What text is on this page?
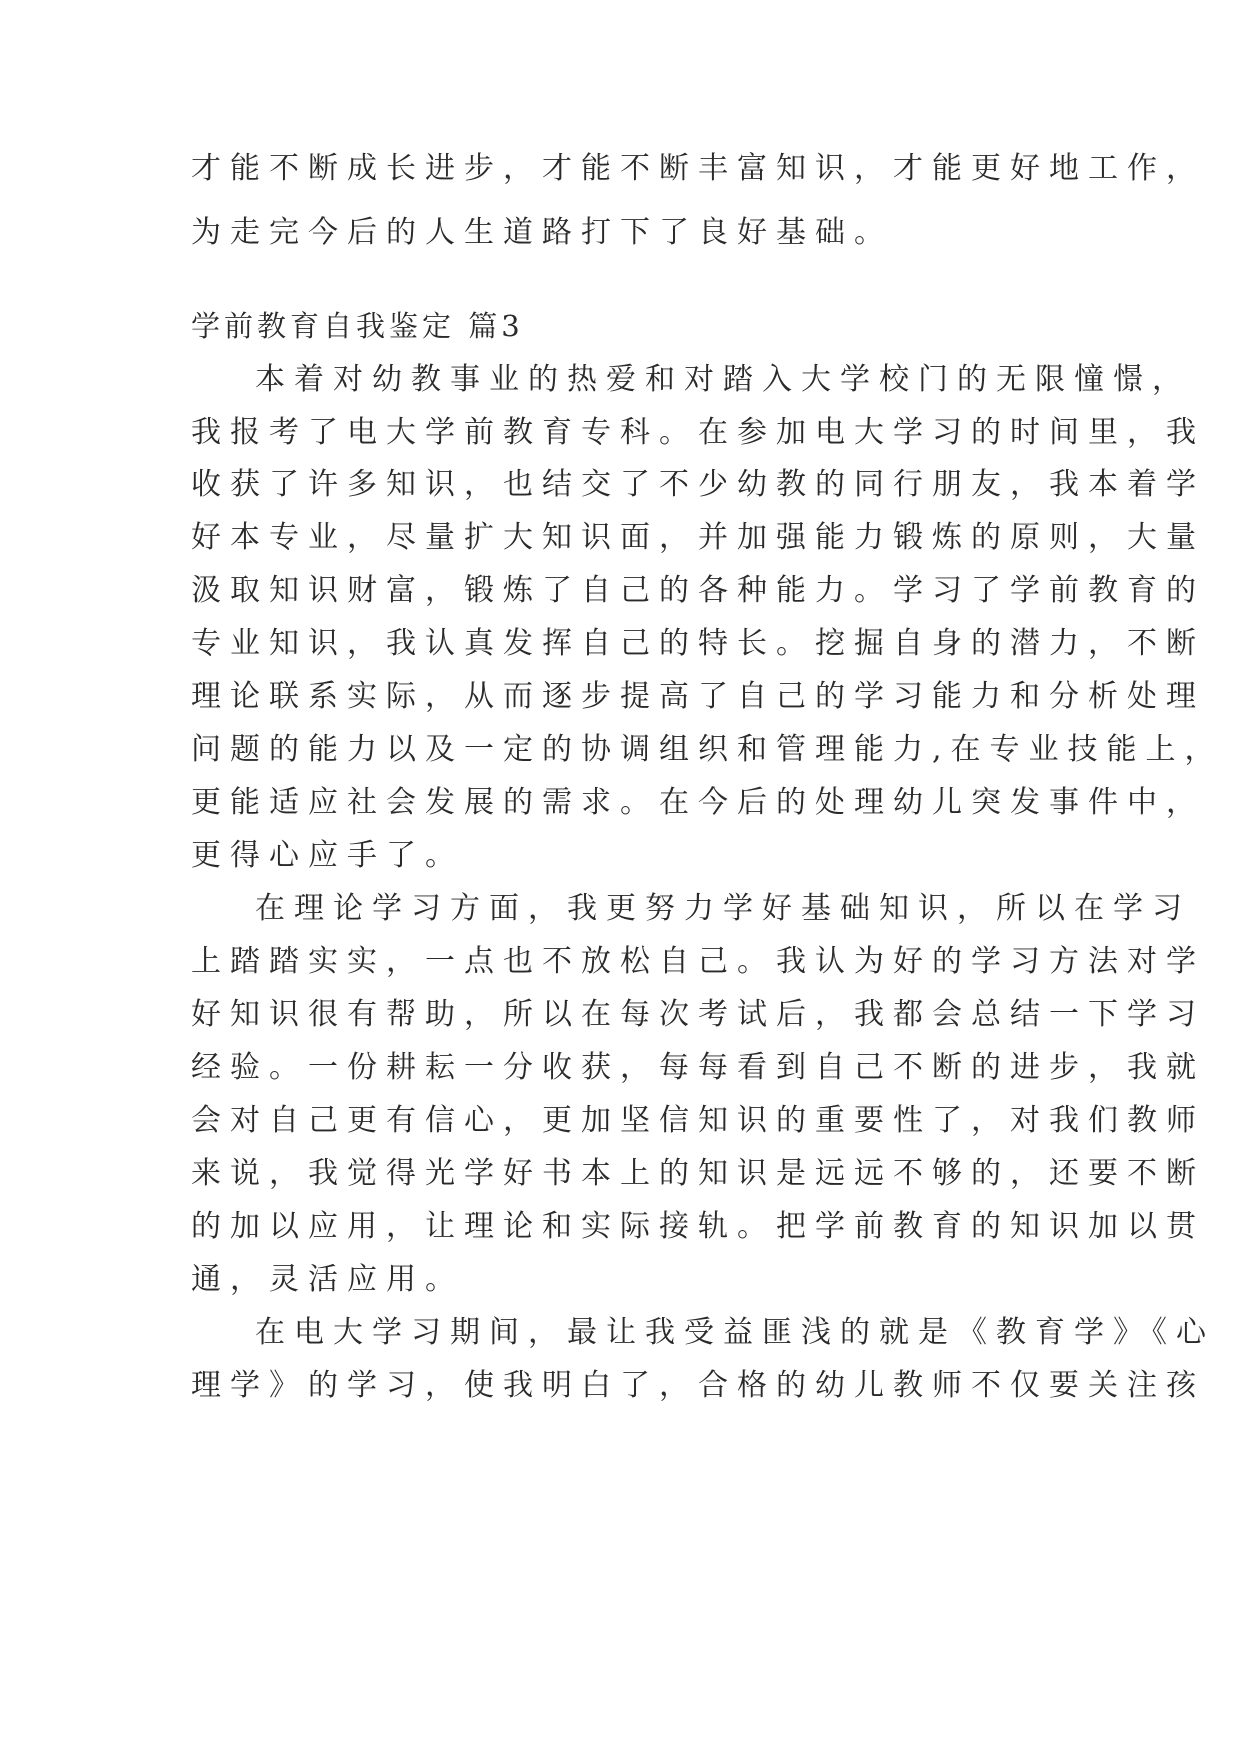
才能不断成长进步，才能不断丰富知识，才能更好地工作，
为走完今后的人生道路打下了良好基础。
学前教育自我鉴定 篇3
本着对幼教事业的热爱和对踏入大学校门的无限憧憬，
我报考了电大学前教育专科。在参加电大学习的时间里，我
收获了许多知识，也结交了不少幼教的同行朋友，我本着学
好本专业，尽量扩大知识面，并加强能力锻炼的原则，大量
汲取知识财富，锻炼了自己的各种能力。学习了学前教育的
专业知识，我认真发挥自己的特长。挖掘自身的潜力，不断
理论联系实际，从而逐步提高了自己的学习能力和分析处理
问题的能力以及一定的协调组织和管理能力,在专业技能上，
更能适应社会发展的需求。在今后的处理幼儿突发事件中，
更得心应手了。
在理论学习方面，我更努力学好基础知识，所以在学习
上踏踏实实，一点也不放松自己。我认为好的学习方法对学
好知识很有帮助，所以在每次考试后，我都会总结一下学习
经验。一份耕耘一分收获，每每看到自己不断的进步，我就
会对自己更有信心，更加坚信知识的重要性了，对我们教师
来说，我觉得光学好书本上的知识是远远不够的，还要不断
的加以应用，让理论和实际接轨。把学前教育的知识加以贯
通，灵活应用。
在电大学习期间，最让我受益匪浅的就是《教育学》《心
理学》的学习，使我明白了，合格的幼儿教师不仅要关注孩
